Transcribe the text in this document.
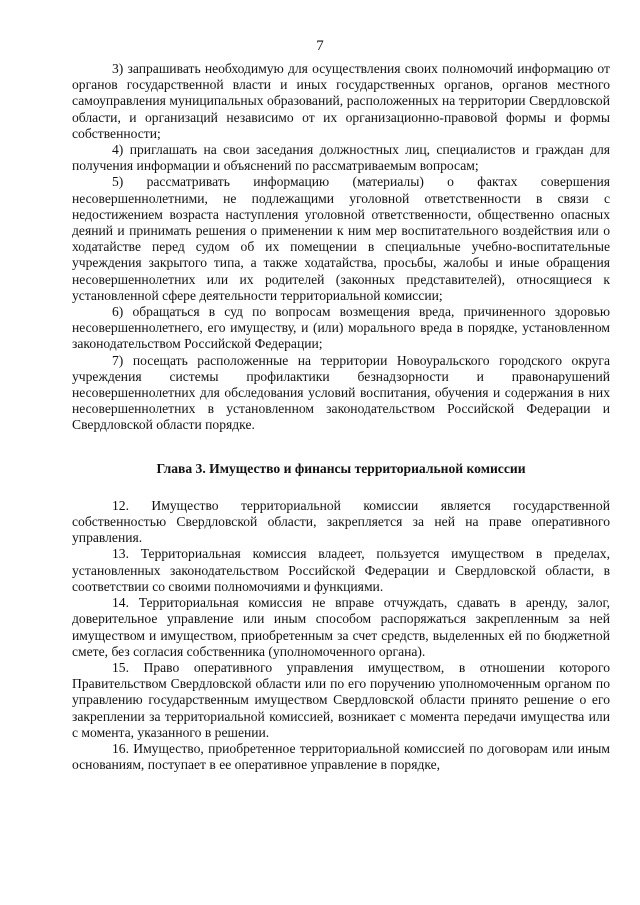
7

3) запрашивать необходимую для осуществления своих полномочий информацию от органов государственной власти и иных государственных органов, органов местного самоуправления муниципальных образований, расположенных на территории Свердловской области, и организаций независимо от их организационно-правовой формы и формы собственности;

4) приглашать на свои заседания должностных лиц, специалистов и граждан для получения информации и объяснений по рассматриваемым вопросам;

5) рассматривать информацию (материалы) о фактах совершения несовершеннолетними, не подлежащими уголовной ответственности в связи с недостижением возраста наступления уголовной ответственности, общественно опасных деяний и принимать решения о применении к ним мер воспитательного воздействия или о ходатайстве перед судом об их помещении в специальные учебно-воспитательные учреждения закрытого типа, а также ходатайства, просьбы, жалобы и иные обращения несовершеннолетних или их родителей (законных представителей), относящиеся к установленной сфере деятельности территориальной комиссии;

6) обращаться в суд по вопросам возмещения вреда, причиненного здоровью несовершеннолетнего, его имуществу, и (или) морального вреда в порядке, установленном законодательством Российской Федерации;

7) посещать расположенные на территории Новоуральского городского округа учреждения системы профилактики безнадзорности и правонарушений несовершеннолетних для обследования условий воспитания, обучения и содержания в них несовершеннолетних в установленном законодательством Российской Федерации и Свердловской области порядке.

Глава 3. Имущество и финансы территориальной комиссии

12. Имущество территориальной комиссии является государственной собственностью Свердловской области, закрепляется за ней на праве оперативного управления.

13. Территориальная комиссия владеет, пользуется имуществом в пределах, установленных законодательством Российской Федерации и Свердловской области, в соответствии со своими полномочиями и функциями.

14. Территориальная комиссия не вправе отчуждать, сдавать в аренду, залог, доверительное управление или иным способом распоряжаться закрепленным за ней имуществом и имуществом, приобретенным за счет средств, выделенных ей по бюджетной смете, без согласия собственника (уполномоченного органа).

15. Право оперативного управления имуществом, в отношении которого Правительством Свердловской области или по его поручению уполномоченным органом по управлению государственным имуществом Свердловской области принято решение о его закреплении за территориальной комиссией, возникает с момента передачи имущества или с момента, указанного в решении.

16. Имущество, приобретенное территориальной комиссией по договорам или иным основаниям, поступает в ее оперативное управление в порядке,
